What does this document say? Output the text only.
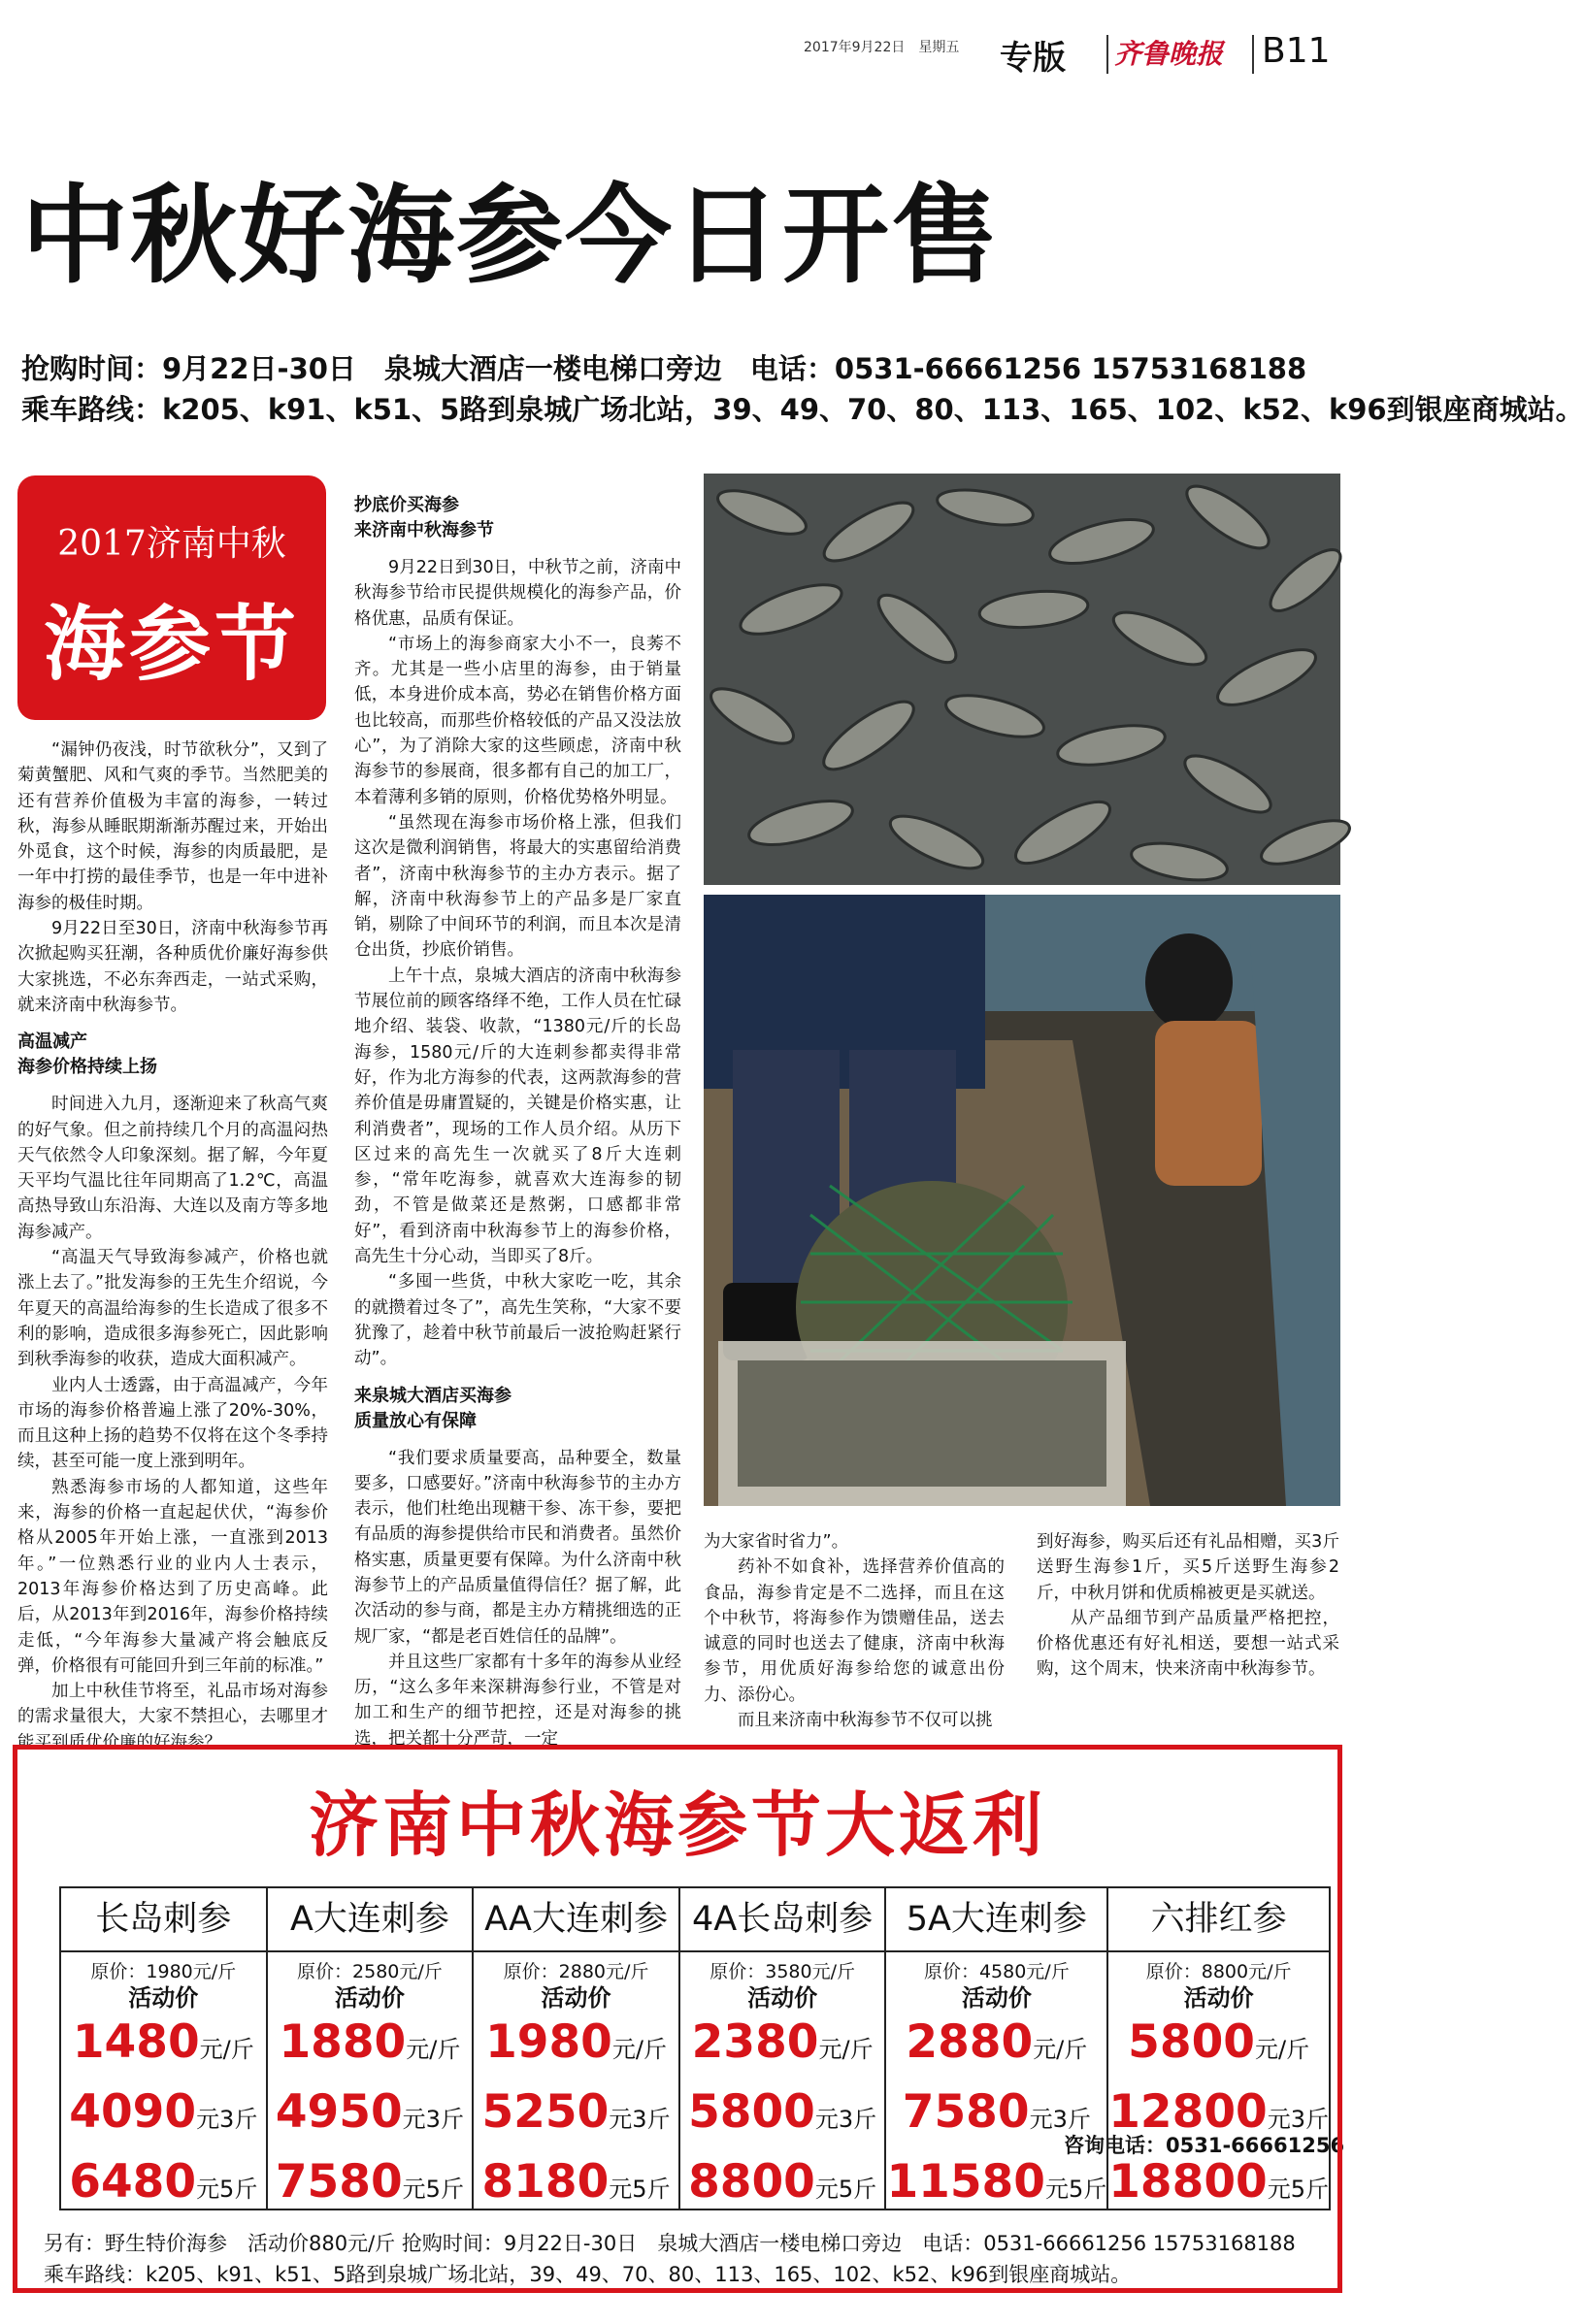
2017年9月22日　星期五 专版 齐鲁晚报 B11
中秋好海参今日开售
抢购时间：9月22日-30日　泉城大酒店一楼电梯口旁边　电话：0531-66661256 15753168188
乘车路线：k205、k91、k51、5路到泉城广场北站，39、49、70、80、113、165、102、k52、k96到银座商城站。
2017济南中秋
海参节

“漏钟仍夜浅，时节欲秋分”，又到了菊黄蟹肥、风和气爽的季节。当然肥美的还有营养价值极为丰富的海参，一转过秋，海参从睡眠期渐渐苏醒过来，开始出外觅食，这个时候，海参的肉质最肥，是一年中打捞的最佳季节，也是一年中进补海参的极佳时期。

9月22日至30日，济南中秋海参节再次掀起购买狂潮，各种质优价廉好海参供大家挑选，不必东奔西走，一站式采购，就来济南中秋海参节。

高温减产
海参价格持续上扬

时间进入九月，逐渐迎来了秋高气爽的好气象。但之前持续几个月的高温闷热天气依然令人印象深刻。据了解，今年夏天平均气温比往年同期高了1.2℃，高温高热导致山东沿海、大连以及南方等多地海参减产。

“高温天气导致海参减产，价格也就涨上去了。”批发海参的王先生介绍说，今年夏天的高温给海参的生长造成了很多不利的影响，造成很多海参死亡，因此影响到秋季海参的收获，造成大面积减产。

业内人士透露，由于高温减产，今年市场的海参价格普遍上涨了20%-30%，而且这种上扬的趋势不仅将在这个冬季持续，甚至可能一度上涨到明年。

熟悉海参市场的人都知道，这些年来，海参的价格一直起起伏伏，“海参价格从2005年开始上涨，一直涨到2013年。”一位熟悉行业的业内人士表示，2013年海参价格达到了历史高峰。此后，从2013年到2016年，海参价格持续走低，“今年海参大量减产将会触底反弹，价格很有可能回升到三年前的标准。”

加上中秋佳节将至，礼品市场对海参的需求量很大，大家不禁担心，去哪里才能买到质优价廉的好海参？

抄底价买海参
来济南中秋海参节

9月22日到30日，中秋节之前，济南中秋海参节给市民提供规模化的海参产品，价格优惠，品质有保证。

“市场上的海参商家大小不一，良莠不齐。尤其是一些小店里的海参，由于销量低，本身进价成本高，势必在销售价格方面也比较高，而那些价格较低的产品又没法放心”，为了消除大家的这些顾虑，济南中秋海参节的参展商，很多都有自己的加工厂，本着薄利多销的原则，价格优势格外明显。

“虽然现在海参市场价格上涨，但我们这次是微利润销售，将最大的实惠留给消费者”，济南中秋海参节的主办方表示。据了解，济南中秋海参节上的产品多是厂家直销，剔除了中间环节的利润，而且本次是清仓出货，抄底价销售。

上午十点，泉城大酒店的济南中秋海参节展位前的顾客络绎不绝，工作人员在忙碌地介绍、装袋、收款，“1380元/斤的长岛海参，1580元/斤的大连刺参都卖得非常好，作为北方海参的代表，这两款海参的营养价值是毋庸置疑的，关键是价格实惠，让利消费者”，现场的工作人员介绍。从历下区过来的高先生一次就买了8斤大连刺参，“常年吃海参，就喜欢大连海参的韧劲，不管是做菜还是熬粥，口感都非常好”，看到济南中秋海参节上的海参价格，高先生十分心动，当即买了8斤。

“多囤一些货，中秋大家吃一吃，其余的就攒着过冬了”，高先生笑称，“大家不要犹豫了，趁着中秋节前最后一波抢购赶紧行动”。

来泉城大酒店买海参
质量放心有保障

“我们要求质量要高，品种要全，数量要多，口感要好。”济南中秋海参节的主办方表示，他们杜绝出现糖干参、冻干参，要把有品质的海参提供给市民和消费者。虽然价格实惠，质量更要有保障。为什么济南中秋海参节上的产品质量值得信任？据了解，此次活动的参与商，都是主办方精挑细选的正规厂家，“都是老百姓信任的品牌”。

并且这些厂家都有十多年的海参从业经历，“这么多年来深耕海参行业，不管是对加工和生产的细节把控，还是对海参的挑选，把关都十分严苛，一定

为大家省时省力”。

药补不如食补，选择营养价值高的食品，海参肯定是不二选择，而且在这个中秋节，将海参作为馈赠佳品，送去诚意的同时也送去了健康，济南中秋海参节，用优质好海参给您的诚意出份力、添份心。

而且来济南中秋海参节不仅可以挑

到好海参，购买后还有礼品相赠，买3斤送野生海参1斤，买5斤送野生海参2斤，中秋月饼和优质棉被更是买就送。

从产品细节到产品质量严格把控，价格优惠还有好礼相送，要想一站式采购，这个周末，快来济南中秋海参节。

咨询电话：0531-66661256
济南中秋海参节大返利
长岛刺参
原价：1980元/斤
活动价
1480元/斤
4090元3斤
6480元5斤
A大连刺参
原价：2580元/斤
活动价
1880元/斤
4950元3斤
7580元5斤
AA大连刺参
原价：2880元/斤
活动价
1980元/斤
5250元3斤
8180元5斤
4A长岛刺参
原价：3580元/斤
活动价
2380元/斤
5800元3斤
8800元5斤
5A大连刺参
原价：4580元/斤
活动价
2880元/斤
7580元3斤
11580元5斤
六排红参
原价：8800元/斤
活动价
5800元/斤
12800元3斤
18800元5斤
另有：野生特价海参　活动价880元/斤 抢购时间：9月22日-30日　泉城大酒店一楼电梯口旁边　电话：0531-66661256 15753168188
乘车路线：k205、k91、k51、5路到泉城广场北站，39、49、70、80、113、165、102、k52、k96到银座商城站。
